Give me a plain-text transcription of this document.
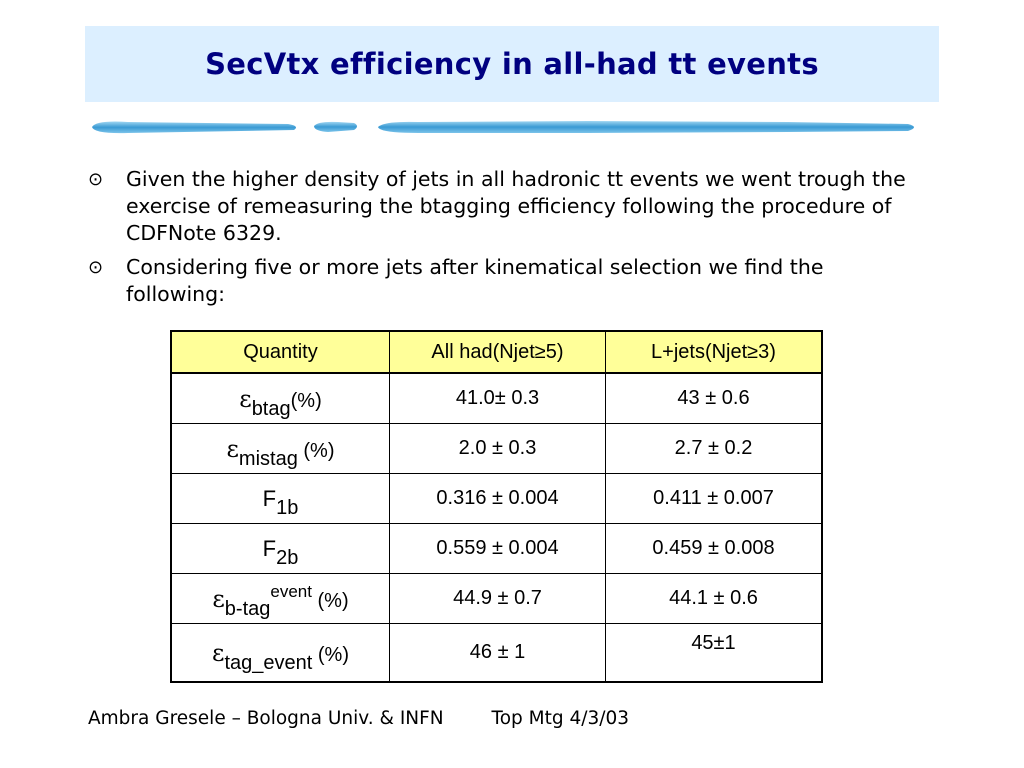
SecVtx efficiency in all-had tt events
⊙	Given the higher density of jets in all hadronic tt events we went trough the exercise of remeasuring the btagging efficiency following the procedure of CDFNote 6329.
⊙	Considering five or more jets after kinematical selection we find the following:
Quantity	All had(Njet≥5)	L+jets(Njet≥3)
εbtag(%)	41.0± 0.3	43 ± 0.6
εmistag (%)	2.0 ± 0.3	2.7 ± 0.2
F1b	0.316 ± 0.004	0.411 ± 0.007
F2b	0.559 ± 0.004	0.459 ± 0.008
εb-tag$^{event}$ (%)	44.9 ± 0.7	44.1 ± 0.6
εtag_event (%)	46 ± 1	45±1
Ambra Gresele – Bologna Univ. & INFN	Top Mtg 4/3/03
